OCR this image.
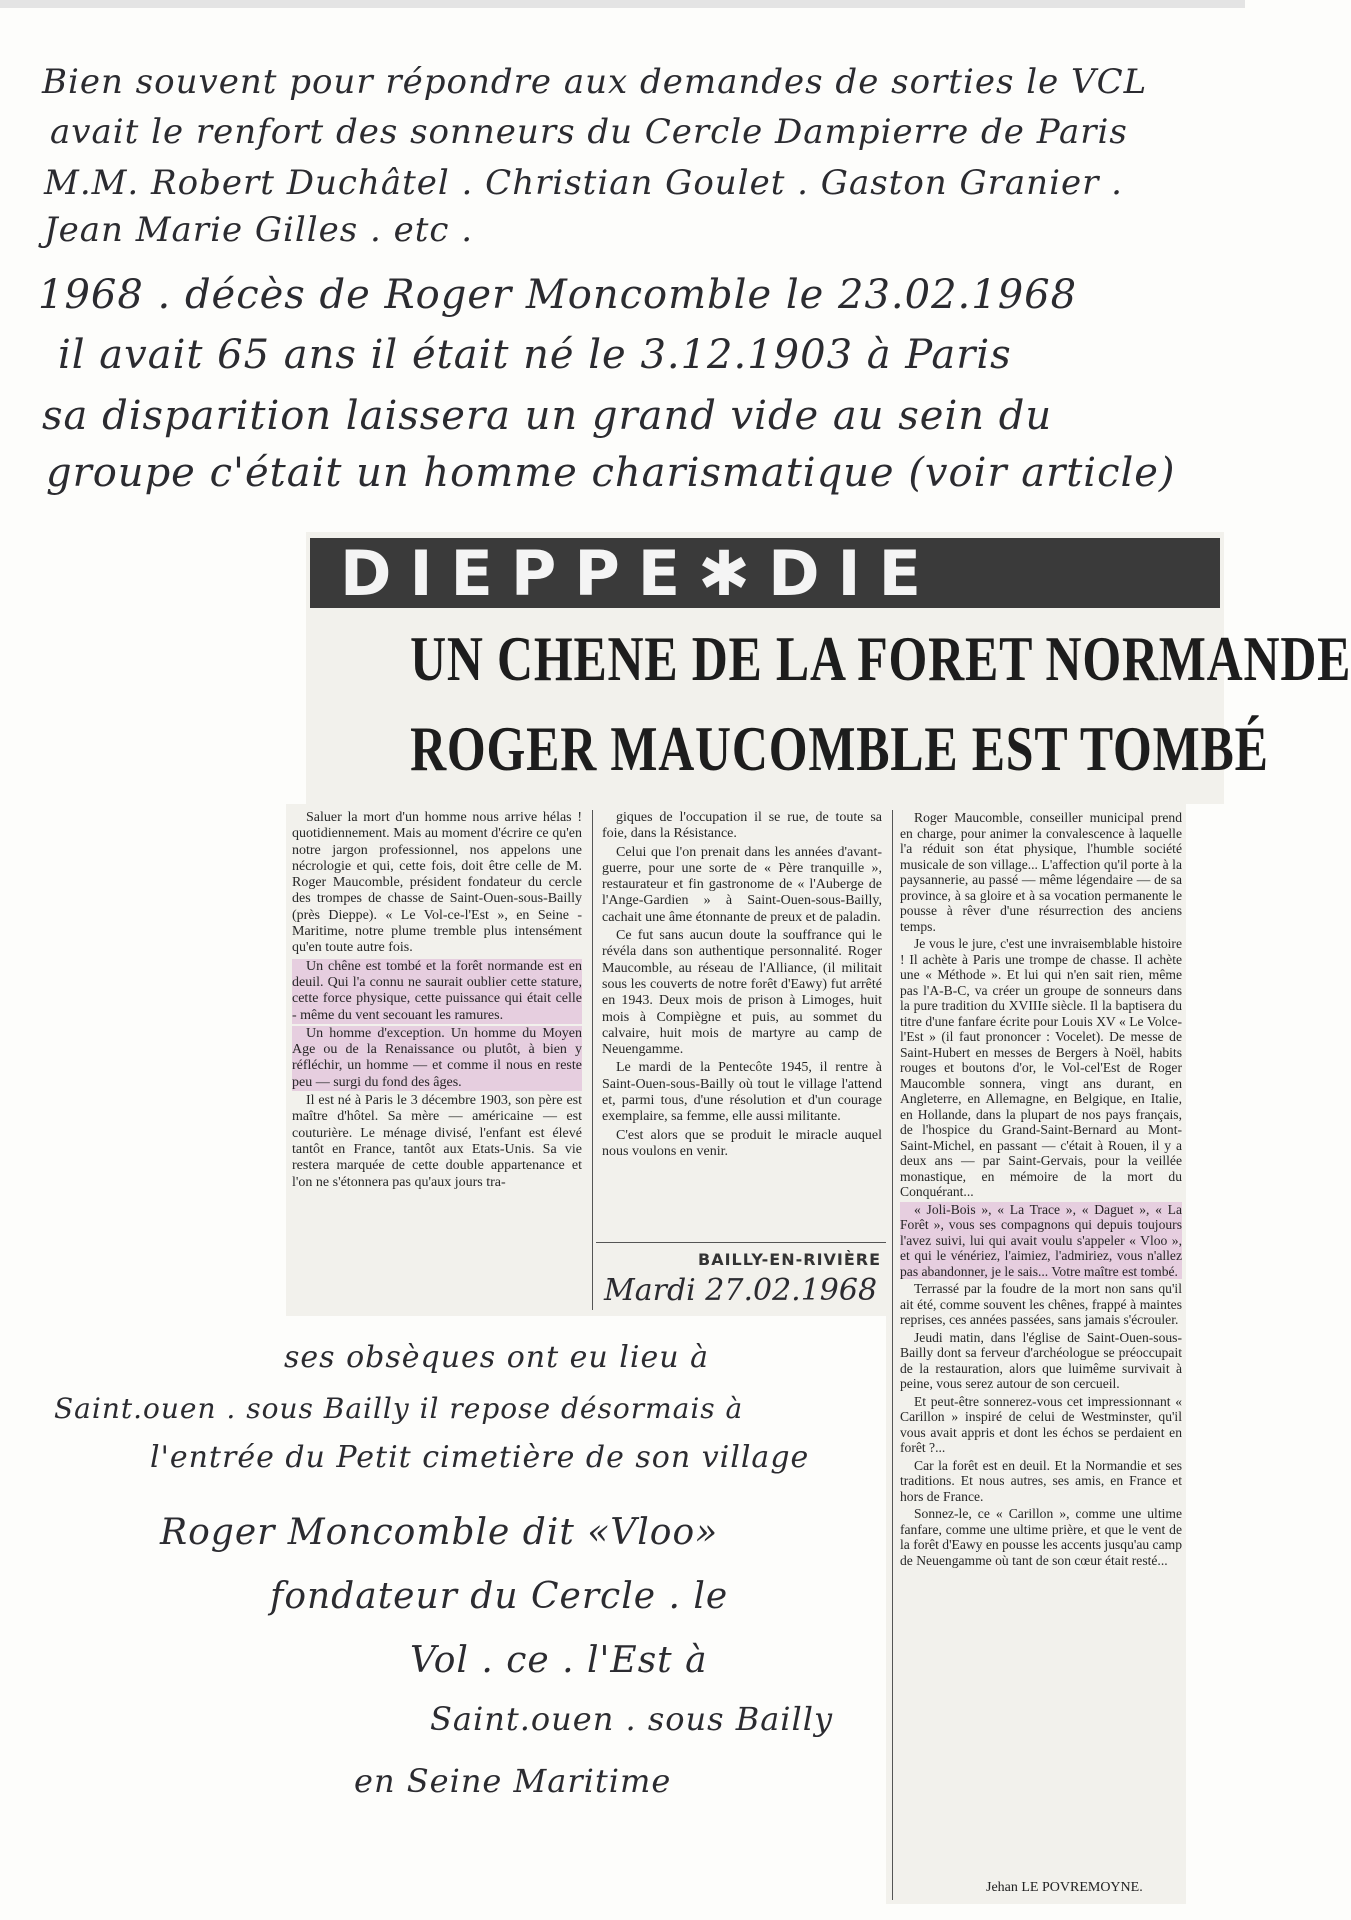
Bien souvent pour répondre aux demandes de sorties le VCL
avait le renfort des sonneurs du Cercle Dampierre de Paris
M.M. Robert Duchâtel . Christian Goulet . Gaston Granier .
Jean Marie Gilles . etc .
1968 . décès de Roger Moncomble le 23.02.1968
il avait 65 ans il était né le 3.12.1903 à Paris
sa disparition laissera un grand vide au sein du
groupe c'était un homme charismatique (voir article)
DIEPPE✱DIE
UN CHENE DE LA FORET NORMANDE
ROGER MAUCOMBLE EST TOMBÉ

Saluer la mort d'un homme nous arrive hélas ! quotidiennement. Mais au moment d'écrire ce qu'en notre jargon professionnel, nos appelons une nécrologie et qui, cette fois, doit être celle de M. Roger Maucomble, président fondateur du cercle des trompes de chasse de Saint-Ouen-sous-Bailly (près Dieppe). « Le Vol-ce-l'Est », en Seine - Maritime, notre plume tremble plus intensément qu'en toute autre fois.

Un chêne est tombé et la forêt normande est en deuil. Qui l'a connu ne saurait oublier cette stature, cette force physique, cette puissance qui était celle - même du vent secouant les ramures.

Un homme d'exception. Un homme du Moyen Age ou de la Renaissance ou plutôt, à bien y réfléchir, un homme — et comme il nous en reste peu — surgi du fond des âges.

Il est né à Paris le 3 décembre 1903, son père est maître d'hôtel. Sa mère — américaine — est couturière. Le ménage divisé, l'enfant est élevé tantôt en France, tantôt aux Etats-Unis. Sa vie restera marquée de cette double appartenance et l'on ne s'étonnera pas qu'aux jours tra-

giques de l'occupation il se rue, de toute sa foie, dans la Résistance.

Celui que l'on prenait dans les années d'avant-guerre, pour une sorte de « Père tranquille », restaurateur et fin gastronome de « l'Auberge de l'Ange-Gardien » à Saint-Ouen-sous-Bailly, cachait une âme étonnante de preux et de paladin.

Ce fut sans aucun doute la souffrance qui le révéla dans son authentique personnalité. Roger Maucomble, au réseau de l'Alliance, (il militait sous les couverts de notre forêt d'Eawy) fut arrêté en 1943. Deux mois de prison à Limoges, huit mois à Compiègne et puis, au sommet du calvaire, huit mois de martyre au camp de Neuengamme.

Le mardi de la Pentecôte 1945, il rentre à Saint-Ouen-sous-Bailly où tout le village l'attend et, parmi tous, d'une résolution et d'un courage exemplaire, sa femme, elle aussi militante.

C'est alors que se produit le miracle auquel nous voulons en venir.

BAILLY-EN-RIVIÈRE
Mardi 27.02.1968

Roger Maucomble, conseiller municipal prend en charge, pour animer la convalescence à laquelle l'a réduit son état physique, l'humble société musicale de son village... L'affection qu'il porte à la paysannerie, au passé — même légendaire — de sa province, à sa gloire et à sa vocation permanente le pousse à rêver d'une résurrection des anciens temps.

Je vous le jure, c'est une invraisemblable histoire ! Il achète à Paris une trompe de chasse. Il achète une « Méthode ». Et lui qui n'en sait rien, même pas l'A-B-C, va créer un groupe de sonneurs dans la pure tradition du XVIIIe siècle. Il la baptisera du titre d'une fanfare écrite pour Louis XV « Le Volce-l'Est » (il faut prononcer : Vocelet). De messe de Saint-Hubert en messes de Bergers à Noël, habits rouges et boutons d'or, le Vol-cel'Est de Roger Maucomble sonnera, vingt ans durant, en Angleterre, en Allemagne, en Belgique, en Italie, en Hollande, dans la plupart de nos pays français, de l'hospice du Grand-Saint-Bernard au Mont-Saint-Michel, en passant — c'était à Rouen, il y a deux ans — par Saint-Gervais, pour la veillée monastique, en mémoire de la mort du Conquérant...

« Joli-Bois », « La Trace », « Daguet », « La Forêt », vous ses compagnons qui depuis toujours l'avez suivi, lui qui avait voulu s'appeler « Vloo », et qui le vénériez, l'aimiez, l'admiriez, vous n'allez pas abandonner, je le sais... Votre maître est tombé.

Terrassé par la foudre de la mort non sans qu'il ait été, comme souvent les chênes, frappé à maintes reprises, ces années passées, sans jamais s'écrouler.

Jeudi matin, dans l'église de Saint-Ouen-sous-Bailly dont sa ferveur d'archéologue se préoccupait de la restauration, alors que luimême survivait à peine, vous serez autour de son cercueil.

Et peut-être sonnerez-vous cet impressionnant « Carillon » inspiré de celui de Westminster, qu'il vous avait appris et dont les échos se perdaient en forêt ?...

Car la forêt est en deuil. Et la Normandie et ses traditions. Et nous autres, ses amis, en France et hors de France.

Sonnez-le, ce « Carillon », comme une ultime fanfare, comme une ultime prière, et que le vent de la forêt d'Eawy en pousse les accents jusqu'au camp de Neuengamme où tant de son cœur était resté...

Jehan LE POVREMOYNE.
ses obsèques ont eu lieu à
Saint.ouen . sous Bailly il repose désormais à
l'entrée du Petit cimetière de son village
Roger Moncomble dit «Vloo»
fondateur du Cercle . le
Vol . ce . l'Est à
Saint.ouen . sous Bailly
en Seine Maritime
